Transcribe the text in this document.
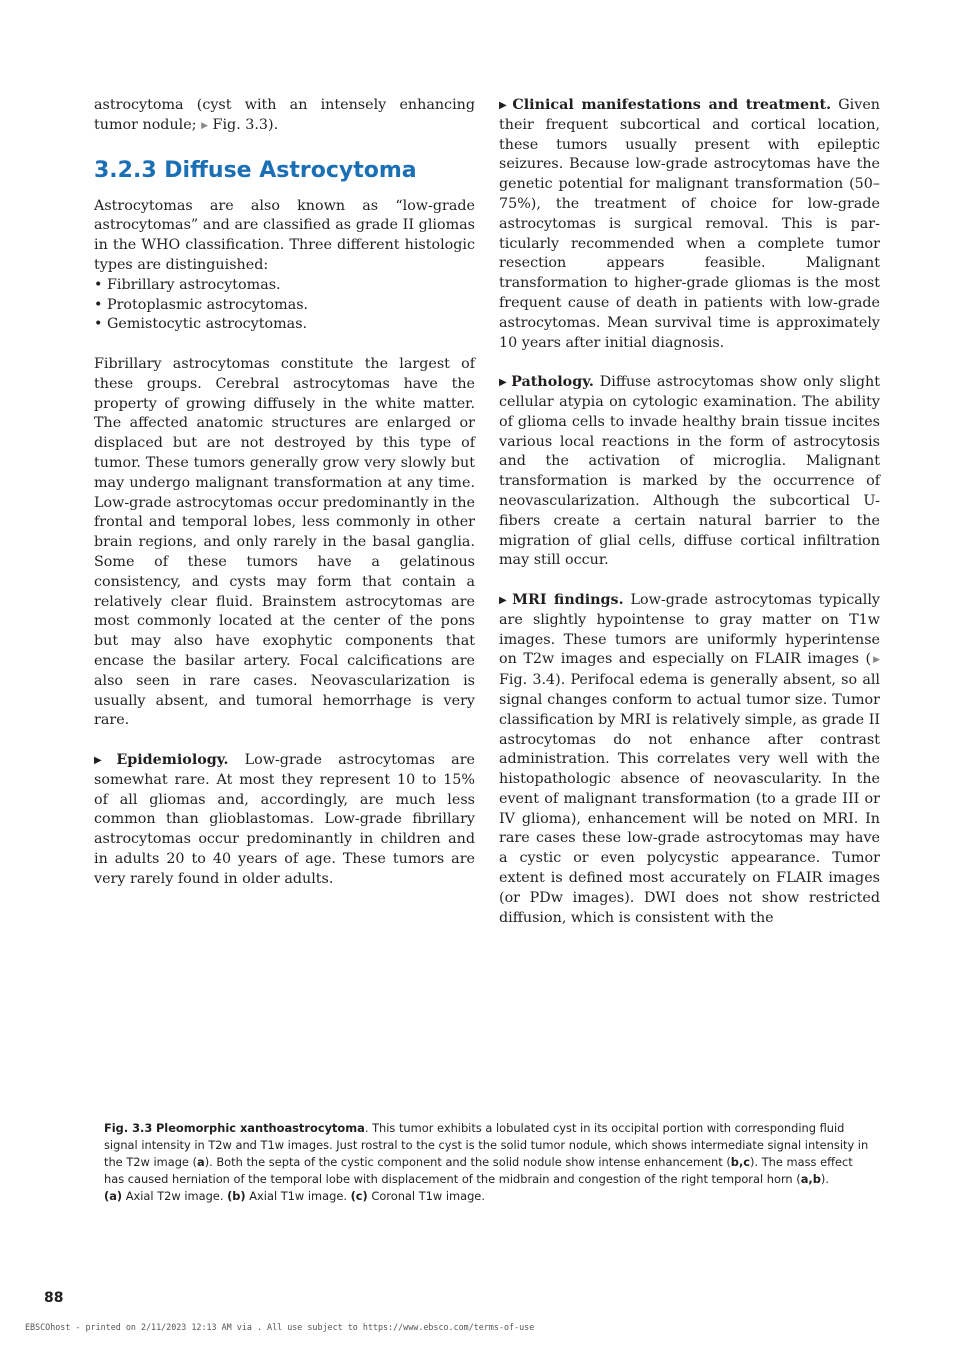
astrocytoma (cyst with an intensely enhancing tumor nodule; ▶ Fig. 3.3).

3.2.3 Diffuse Astrocytoma

Astrocytomas are also known as “low-grade astrocytomas” and are classified as grade II gliomas in the WHO classification. Three different histologic types are distinguished:

• Fibrillary astrocytomas.
• Protoplasmic astrocytomas.
• Gemistocytic astrocytomas.

Fibrillary astrocytomas constitute the largest of these groups. Cerebral astrocytomas have the property of growing diffusely in the white matter. The affected anatomic structures are enlarged or displaced but are not destroyed by this type of tumor. These tumors generally grow very slowly but may undergo malignant transformation at any time. Low-grade astrocytomas occur predominantly in the frontal and temporal lobes, less commonly in other brain regions, and only rarely in the basal ganglia. Some of these tumors have a gelatinous consistency, and cysts may form that contain a relatively clear fluid. Brainstem astrocytomas are most commonly located at the center of the pons but may also have exophytic components that encase the basilar artery. Focal calcifications are also seen in rare cases. Neovascularization is usually absent, and tumoral hemorrhage is very rare.

▶ Epidemiology. Low-grade astrocytomas are somewhat rare. At most they represent 10 to 15% of all gliomas and, accordingly, are much less common than glioblastomas. Low-grade fibrillary astrocytomas occur predominantly in children and in adults 20 to 40 years of age. These tumors are very rarely found in older adults.

▶ Clinical manifestations and treatment. Given their frequent subcortical and cortical location, these tumors usually present with epileptic seizures. Because low-grade astrocytomas have the genetic potential for malignant transformation (50–75%), the treatment of choice for low-grade astrocytomas is surgical removal. This is particularly recommended when a complete tumor resection appears feasible. Malignant transformation to higher-grade gliomas is the most frequent cause of death in patients with low-grade astrocytomas. Mean survival time is approximately 10 years after initial diagnosis.

▶ Pathology. Diffuse astrocytomas show only slight cellular atypia on cytologic examination. The ability of glioma cells to invade healthy brain tissue incites various local reactions in the form of astrocytosis and the activation of microglia. Malignant transformation is marked by the occurrence of neovascularization. Although the subcortical U-fibers create a certain natural barrier to the migration of glial cells, diffuse cortical infiltration may still occur.

▶ MRI findings. Low-grade astrocytomas typically are slightly hypointense to gray matter on T1w images. These tumors are uniformly hyperintense on T2w images and especially on FLAIR images (▶ Fig. 3.4). Perifocal edema is generally absent, so all signal changes conform to actual tumor size. Tumor classification by MRI is relatively simple, as grade II astrocytomas do not enhance after contrast administration. This correlates very well with the histopathologic absence of neovascularity. In the event of malignant transformation (to a grade III or IV glioma), enhancement will be noted on MRI. In rare cases these low-grade astrocytomas may have a cystic or even polycystic appearance. Tumor extent is defined most accurately on FLAIR images (or PDw images). DWI does not show restricted diffusion, which is consistent with the

Fig. 3.3 Pleomorphic xanthoastrocytoma. This tumor exhibits a lobulated cyst in its occipital portion with corresponding fluid signal intensity in T2w and T1w images. Just rostral to the cyst is the solid tumor nodule, which shows intermediate signal intensity in the T2w image (a). Both the septa of the cystic component and the solid nodule show intense enhancement (b,c). The mass effect has caused herniation of the temporal lobe with displacement of the midbrain and congestion of the right temporal horn (a,b).
(a) Axial T2w image. (b) Axial T1w image. (c) Coronal T1w image.
88
EBSCOhost - printed on 2/11/2023 12:13 AM via . All use subject to https://www.ebsco.com/terms-of-use
